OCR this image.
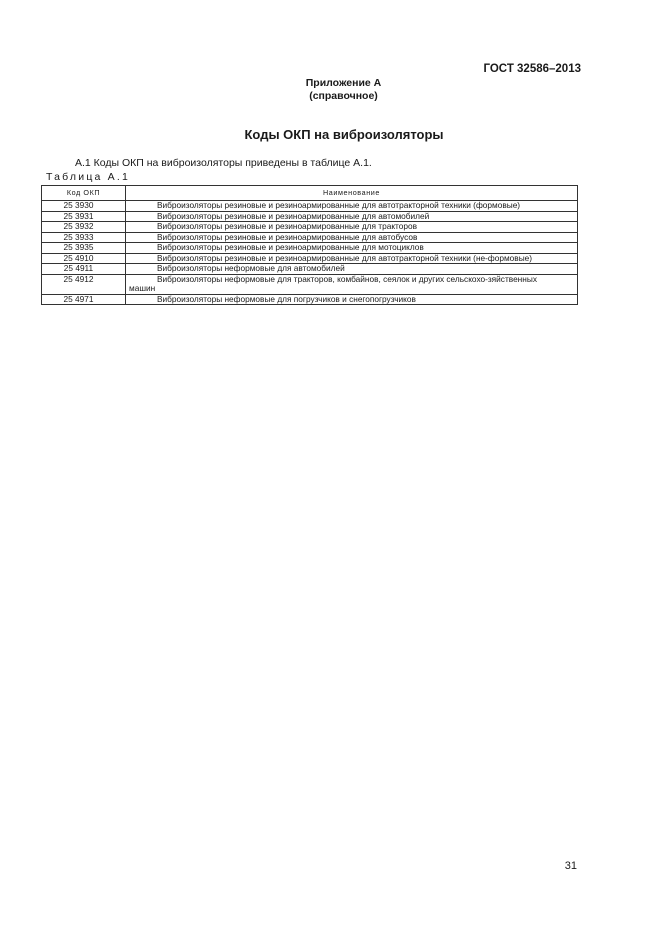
ГОСТ 32586–2013
Приложение А
(справочное)
Коды ОКП на виброизоляторы
А.1 Коды ОКП на виброизоляторы приведены в таблице А.1.
Таблица А.1
Код ОКП	Наименование
25 3930	Виброизоляторы резиновые и резиноармированные для автотракторной техники (формовые)
25 3931	Виброизоляторы резиновые и резиноармированные для автомобилей
25 3932	Виброизоляторы резиновые и резиноармированные для тракторов
25 3933	Виброизоляторы резиновые и резиноармированные для автобусов
25 3935	Виброизоляторы резиновые и резиноармированные для мотоциклов
25 4910	Виброизоляторы резиновые и резиноармированные для автотракторной техники (не-формовые)
25 4911	Виброизоляторы неформовые для автомобилей
25 4912	Виброизоляторы неформовые для тракторов, комбайнов, сеялок и других сельскохо-зяйственных машин
25 4971	Виброизоляторы неформовые для погрузчиков и снегопогрузчиков
31
